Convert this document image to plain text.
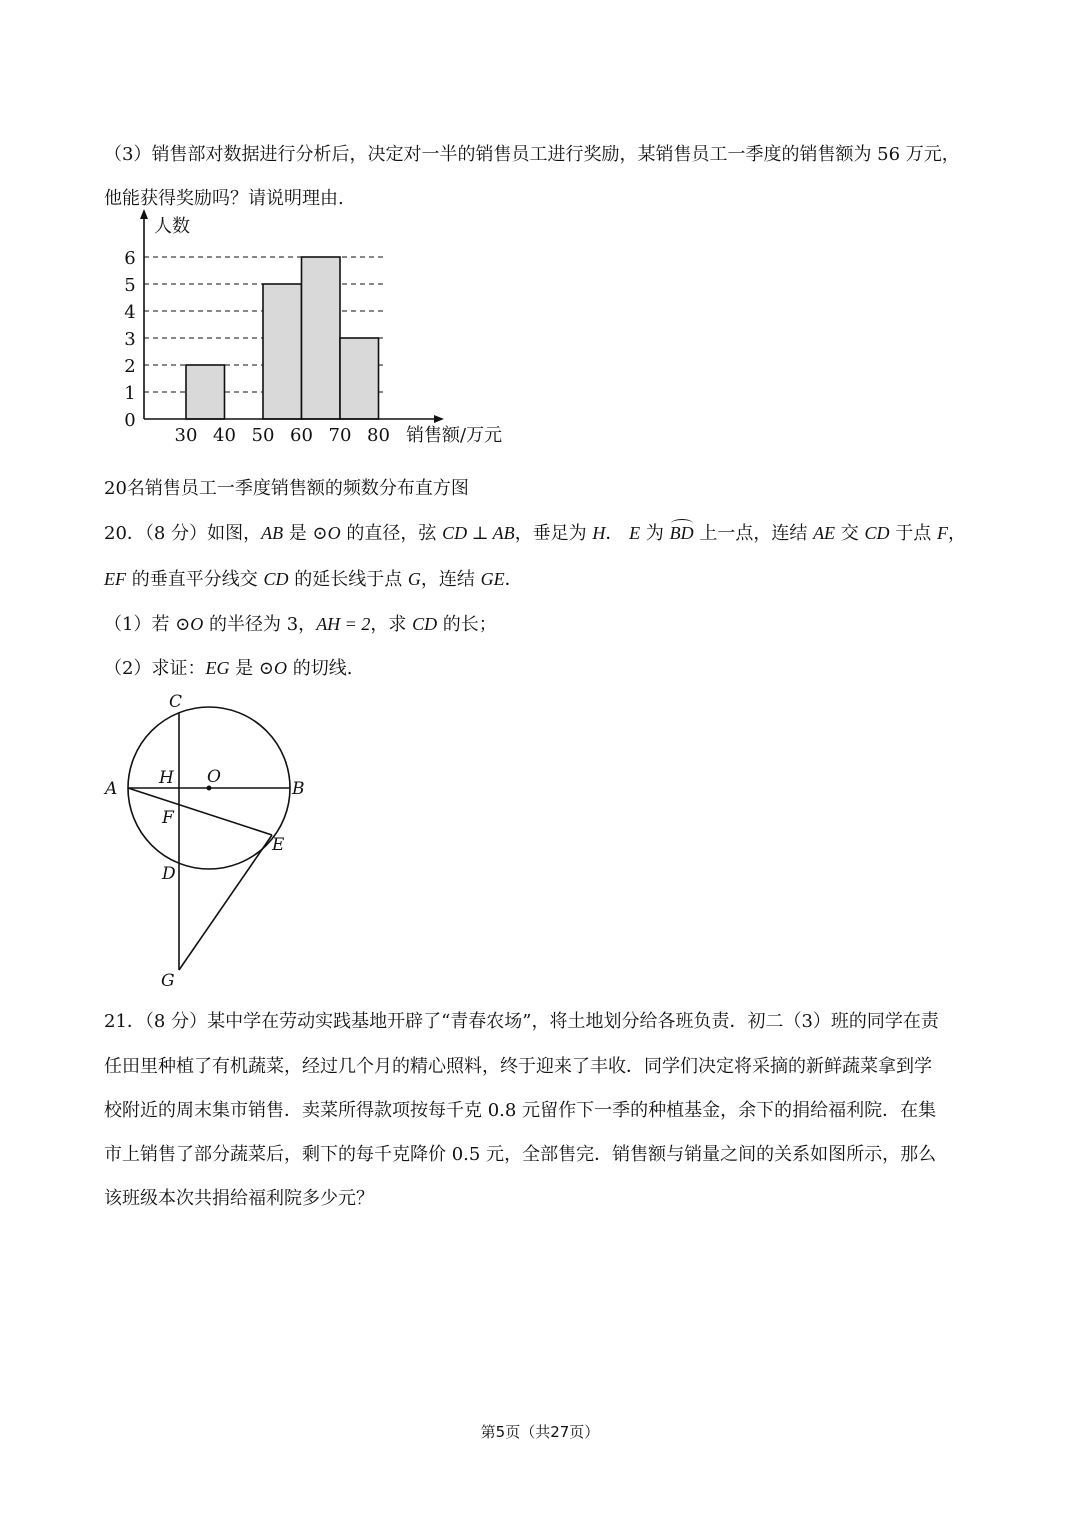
（3）销售部对数据进行分析后，决定对一半的销售员工进行奖励，某销售员工一季度的销售额为 56 万元，
他能获得奖励吗？请说明理由.
0
1
2
3
4
5
6
30 40 50 60 70 80
人数
销售额/万元
20名销售员工一季度销售额的频数分布直方图
20．（8 分）如图，AB 是 ⊙O 的直径，弦 CD ⊥ AB，垂足为 H． E 为 BD 上一点，连结 AE 交 CD 于点 F，
EF 的垂直平分线交 CD 的延长线于点 G，连结 GE．
（1）若 ⊙O 的半径为 3，AH = 2，求 CD 的长；
（2）求证：EG 是 ⊙O 的切线.
C
A
H O
B
F
E
D
G
21．（8 分）某中学在劳动实践基地开辟了“青春农场”，将土地划分给各班负责．初二（3）班的同学在责
任田里种植了有机蔬菜，经过几个月的精心照料，终于迎来了丰收．同学们决定将采摘的新鲜蔬菜拿到学
校附近的周末集市销售．卖菜所得款项按每千克 0.8 元留作下一季的种植基金，余下的捐给福利院．在集
市上销售了部分蔬菜后，剩下的每千克降价 0.5 元，全部售完．销售额与销量之间的关系如图所示，那么
该班级本次共捐给福利院多少元？
第5页（共27页）
